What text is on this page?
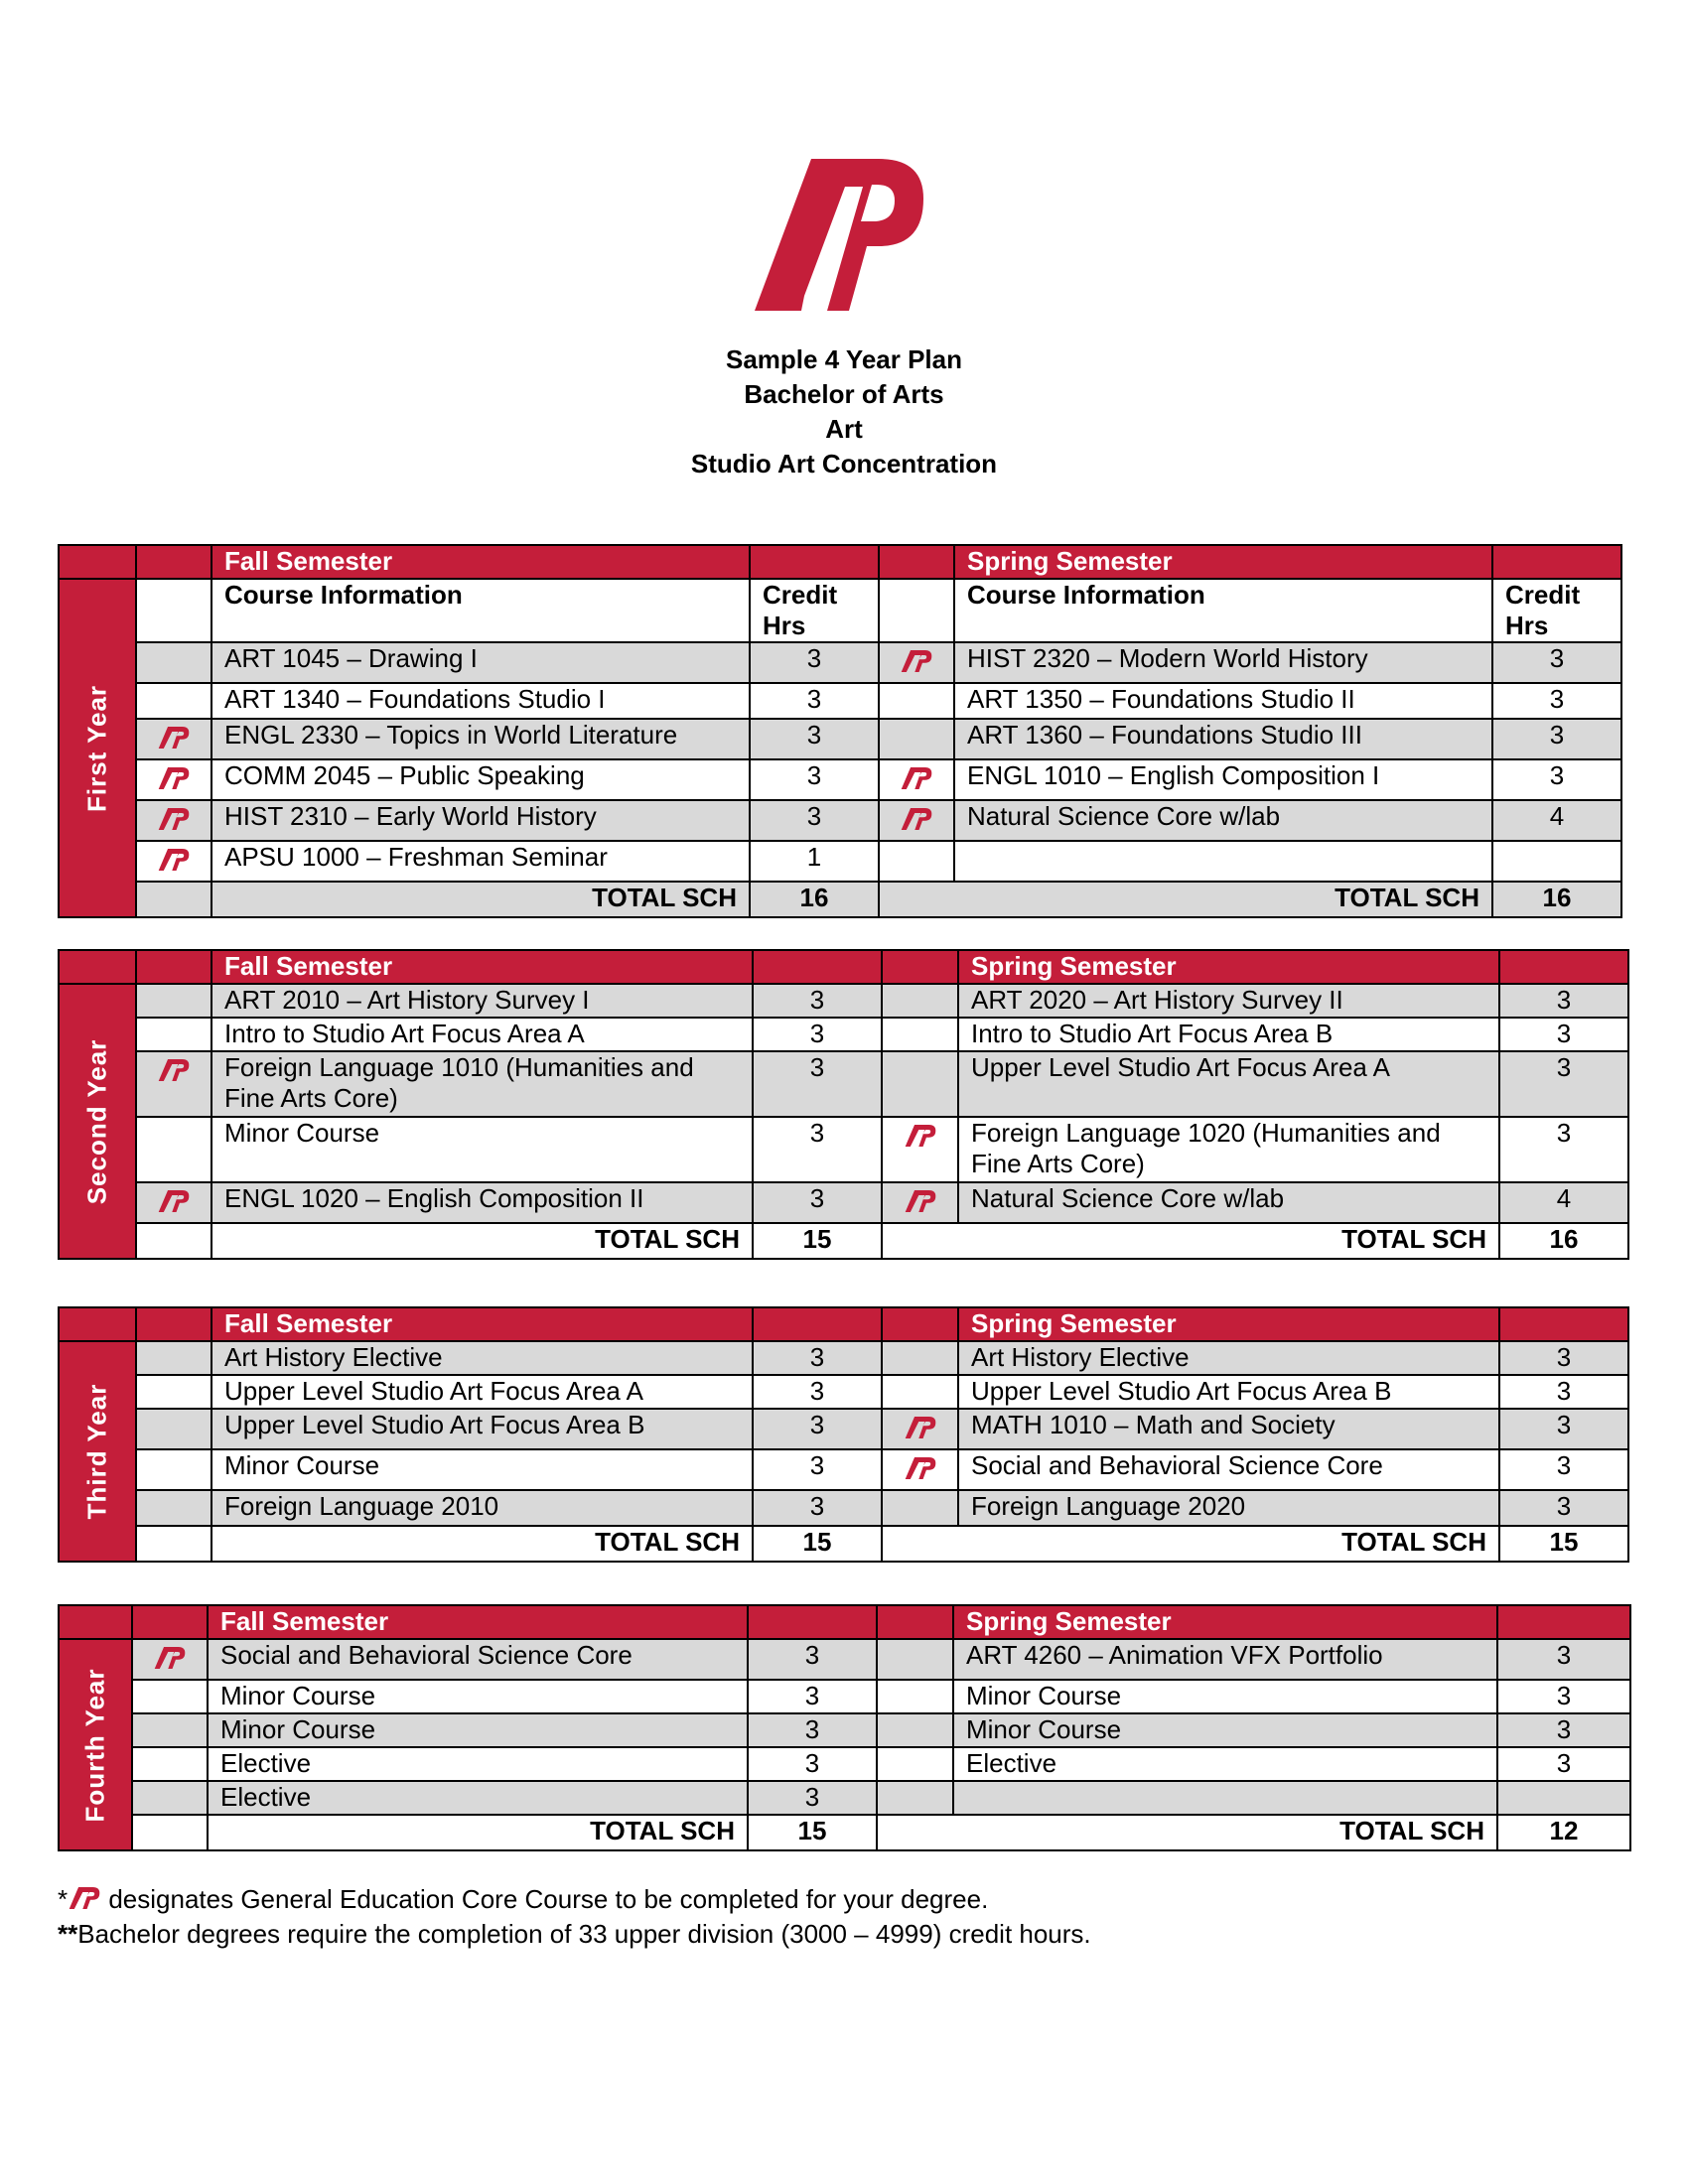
Sample 4 Year Plan
Bachelor of Arts
Art
Studio Art Concentration
		Fall Semester			Spring Semester	

First Year		Course Information	Credit Hrs		Course Information	Credit Hrs
		ART 1045 – Drawing I	3		HIST 2320 – Modern World History	3
		ART 1340 – Foundations Studio I	3		ART 1350 – Foundations Studio II	3
	ENGL 2330 – Topics in World Literature	3		ART 1360 – Foundations Studio III	3
	COMM 2045 – Public Speaking	3		ENGL 1010 – English Composition I	3
	HIST 2310 – Early World History	3		Natural Science Core w/lab	4
	APSU 1000 – Freshman Seminar	1			
		TOTAL SCH	16	TOTAL SCH		16
		Fall Semester			Spring Semester	

Second Year		ART 2010 – Art History Survey I	3		ART 2020 – Art History Survey II	3
		Intro to Studio Art Focus Area A	3		Intro to Studio Art Focus Area B	3
	Foreign Language 1010 (Humanities and Fine Arts Core)	3		Upper Level Studio Art Focus Area A	3
		Minor Course	3		Foreign Language 1020 (Humanities and Fine Arts Core)	3
	ENGL 1020 – English Composition II	3		Natural Science Core w/lab	4
		TOTAL SCH	15	TOTAL SCH		16
		Fall Semester			Spring Semester	

Third Year		Art History Elective	3		Art History Elective	3
		Upper Level Studio Art Focus Area A	3		Upper Level Studio Art Focus Area B	3
		Upper Level Studio Art Focus Area B	3		MATH 1010 – Math and Society	3
		Minor Course	3		Social and Behavioral Science Core	3
		Foreign Language 2010	3		Foreign Language 2020	3
		TOTAL SCH	15	TOTAL SCH		15
		Fall Semester			Spring Semester	

Fourth Year		Social and Behavioral Science Core	3		ART 4260 – Animation VFX Portfolio	3
		Minor Course	3		Minor Course	3
		Minor Course	3		Minor Course	3
		Elective	3		Elective	3
		Elective	3			
		TOTAL SCH	15	TOTAL SCH		12
* designates General Education Core Course to be completed for your degree.
**Bachelor degrees require the completion of 33 upper division (3000 – 4999) credit hours.
